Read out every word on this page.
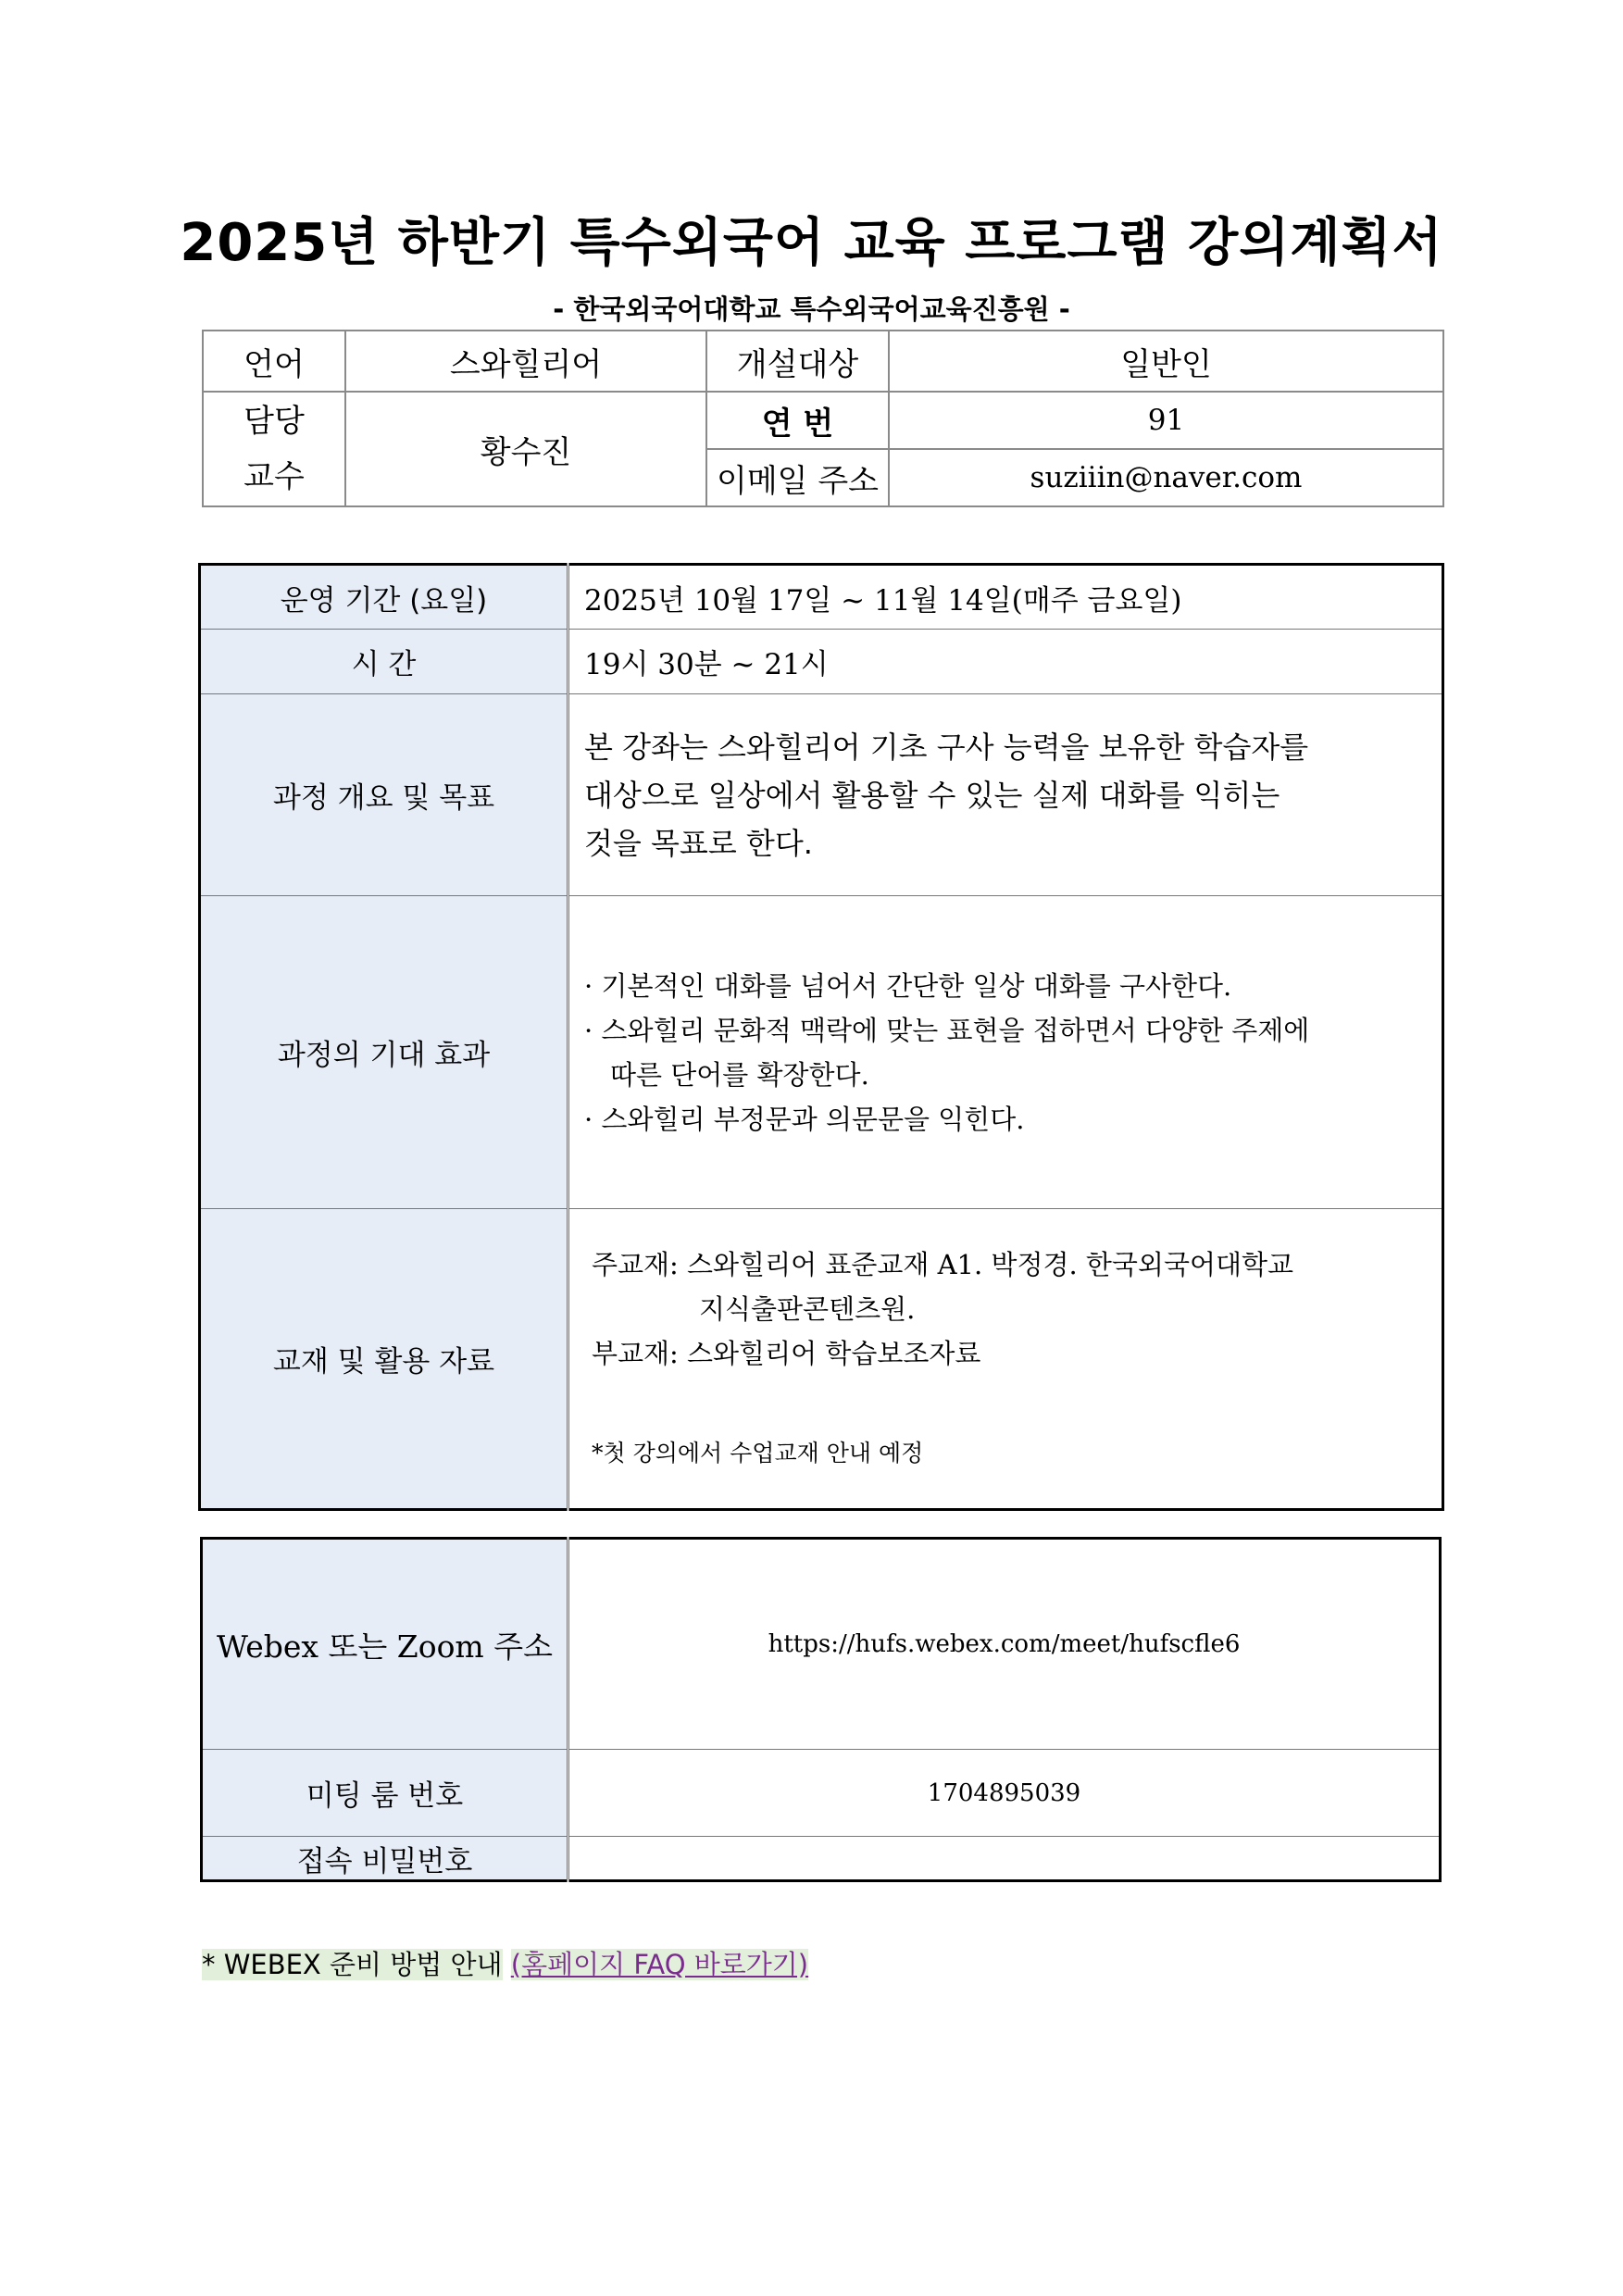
2025년 하반기 특수외국어 교육 프로그램 강의계획서
- 한국외국어대학교 특수외국어교육진흥원 -
언어	스와힐리어	개설대상	일반인

담당
교수	황수진	연 번	91
		이메일 주소	suziiin@naver.com
운영 기간 (요일)	2025년 10월 17일 ~ 11월 14일(매주 금요일)
시 간	19시 30분 ~ 21시
과정 개요 및 목표	본 강좌는 스와힐리어 기초 구사 능력을 보유한 학습자를
대상으로 일상에서 활용할 수 있는 실제 대화를 익히는
것을 목표로 한다.

과정의 기대 효과	· 기본적인 대화를 넘어서 간단한 일상 대화를 구사한다.
· 스와힐리 문화적 맥락에 맞는 표현을 접하면서 다양한 주제에
따른 단어를 확장한다.
· 스와힐리 부정문과 의문문을 익힌다.

교재 및 활용 자료	주교재: 스와힐리어 표준교재 A1. 박정경. 한국외국어대학교
지식출판콘텐츠원.
부교재: 스와힐리어 학습보조자료
*첫 강의에서 수업교재 안내 예정
Webex 또는 Zoom 주소	https://hufs.webex.com/meet/hufscfle6
미팅 룸 번호	1704895039
접속 비밀번호	
* WEBEX 준비 방법 안내 (홈페이지 FAQ 바로가기)
